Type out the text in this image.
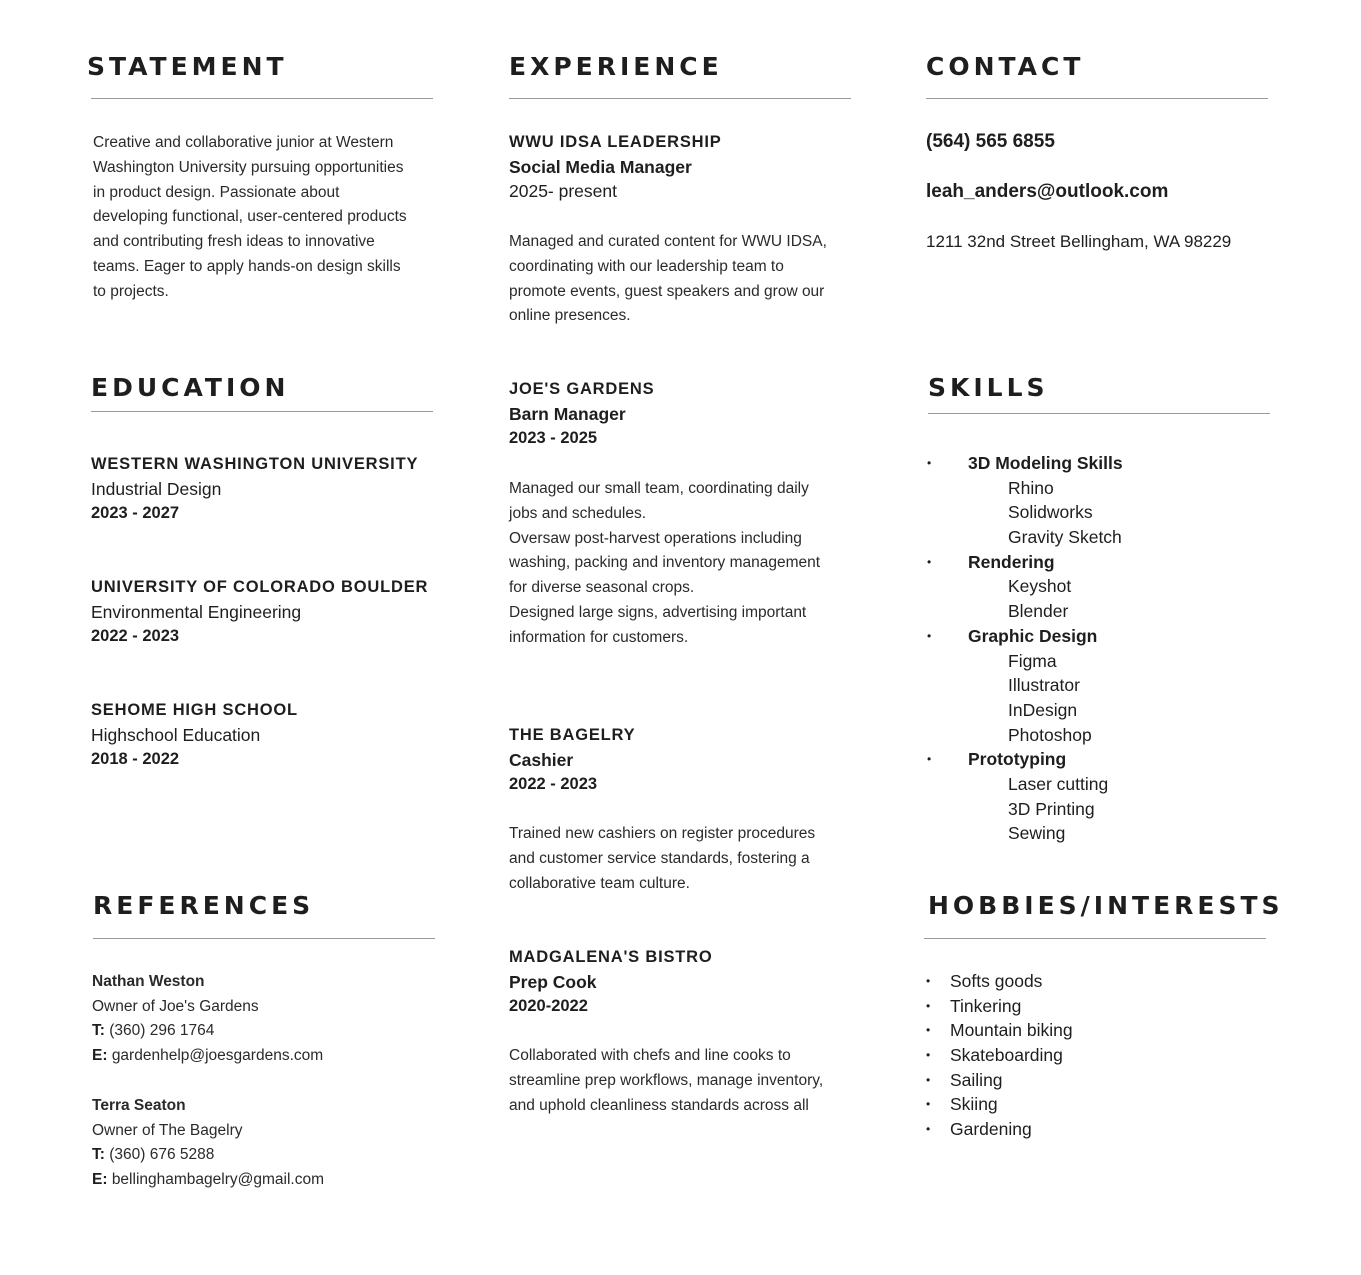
STATEMENT
Creative and collaborative junior at Western
Washington University pursuing opportunities
in product design. Passionate about
developing functional, user-centered products
and contributing fresh ideas to innovative
teams. Eager to apply hands-on design skills
to projects.
EXPERIENCE
WWU IDSA LEADERSHIP
Social Media Manager
2025- present
Managed and curated content for WWU IDSA,
coordinating with our leadership team to
promote events, guest speakers and grow our
online presences.
JOE'S GARDENS
Barn Manager
2023 - 2025
Managed our small team, coordinating daily
jobs and schedules.
Oversaw post-harvest operations including
washing, packing and inventory management
for diverse seasonal crops.
Designed large signs, advertising important
information for customers.
THE BAGELRY
Cashier
2022 - 2023
Trained new cashiers on register procedures
and customer service standards, fostering a
collaborative team culture.
MADGALENA'S BISTRO
Prep Cook
2020-2022
Collaborated with chefs and line cooks to
streamline prep workflows, manage inventory,
and uphold cleanliness standards across all
CONTACT
(564) 565 6855
leah_anders@outlook.com
1211 32nd Street Bellingham, WA 98229
EDUCATION
WESTERN WASHINGTON UNIVERSITY
Industrial Design
2023 - 2027
UNIVERSITY OF COLORADO BOULDER
Environmental Engineering
2022 - 2023
SEHOME HIGH SCHOOL
Highschool Education
2018 - 2022
SKILLS
• 3D Modeling Skills
Rhino
Solidworks
Gravity Sketch
• Rendering
Keyshot
Blender
• Graphic Design
Figma
Illustrator
InDesign
Photoshop
• Prototyping
Laser cutting
3D Printing
Sewing
REFERENCES
Nathan Weston
Owner of Joe's Gardens
T: (360) 296 1764
E: gardenhelp@joesgardens.com
Terra Seaton
Owner of The Bagelry
T: (360) 676 5288
E: bellinghambagelry@gmail.com
HOBBIES/INTERESTS
• Softs goods
• Tinkering
• Mountain biking
• Skateboarding
• Sailing
• Skiing
• Gardening
